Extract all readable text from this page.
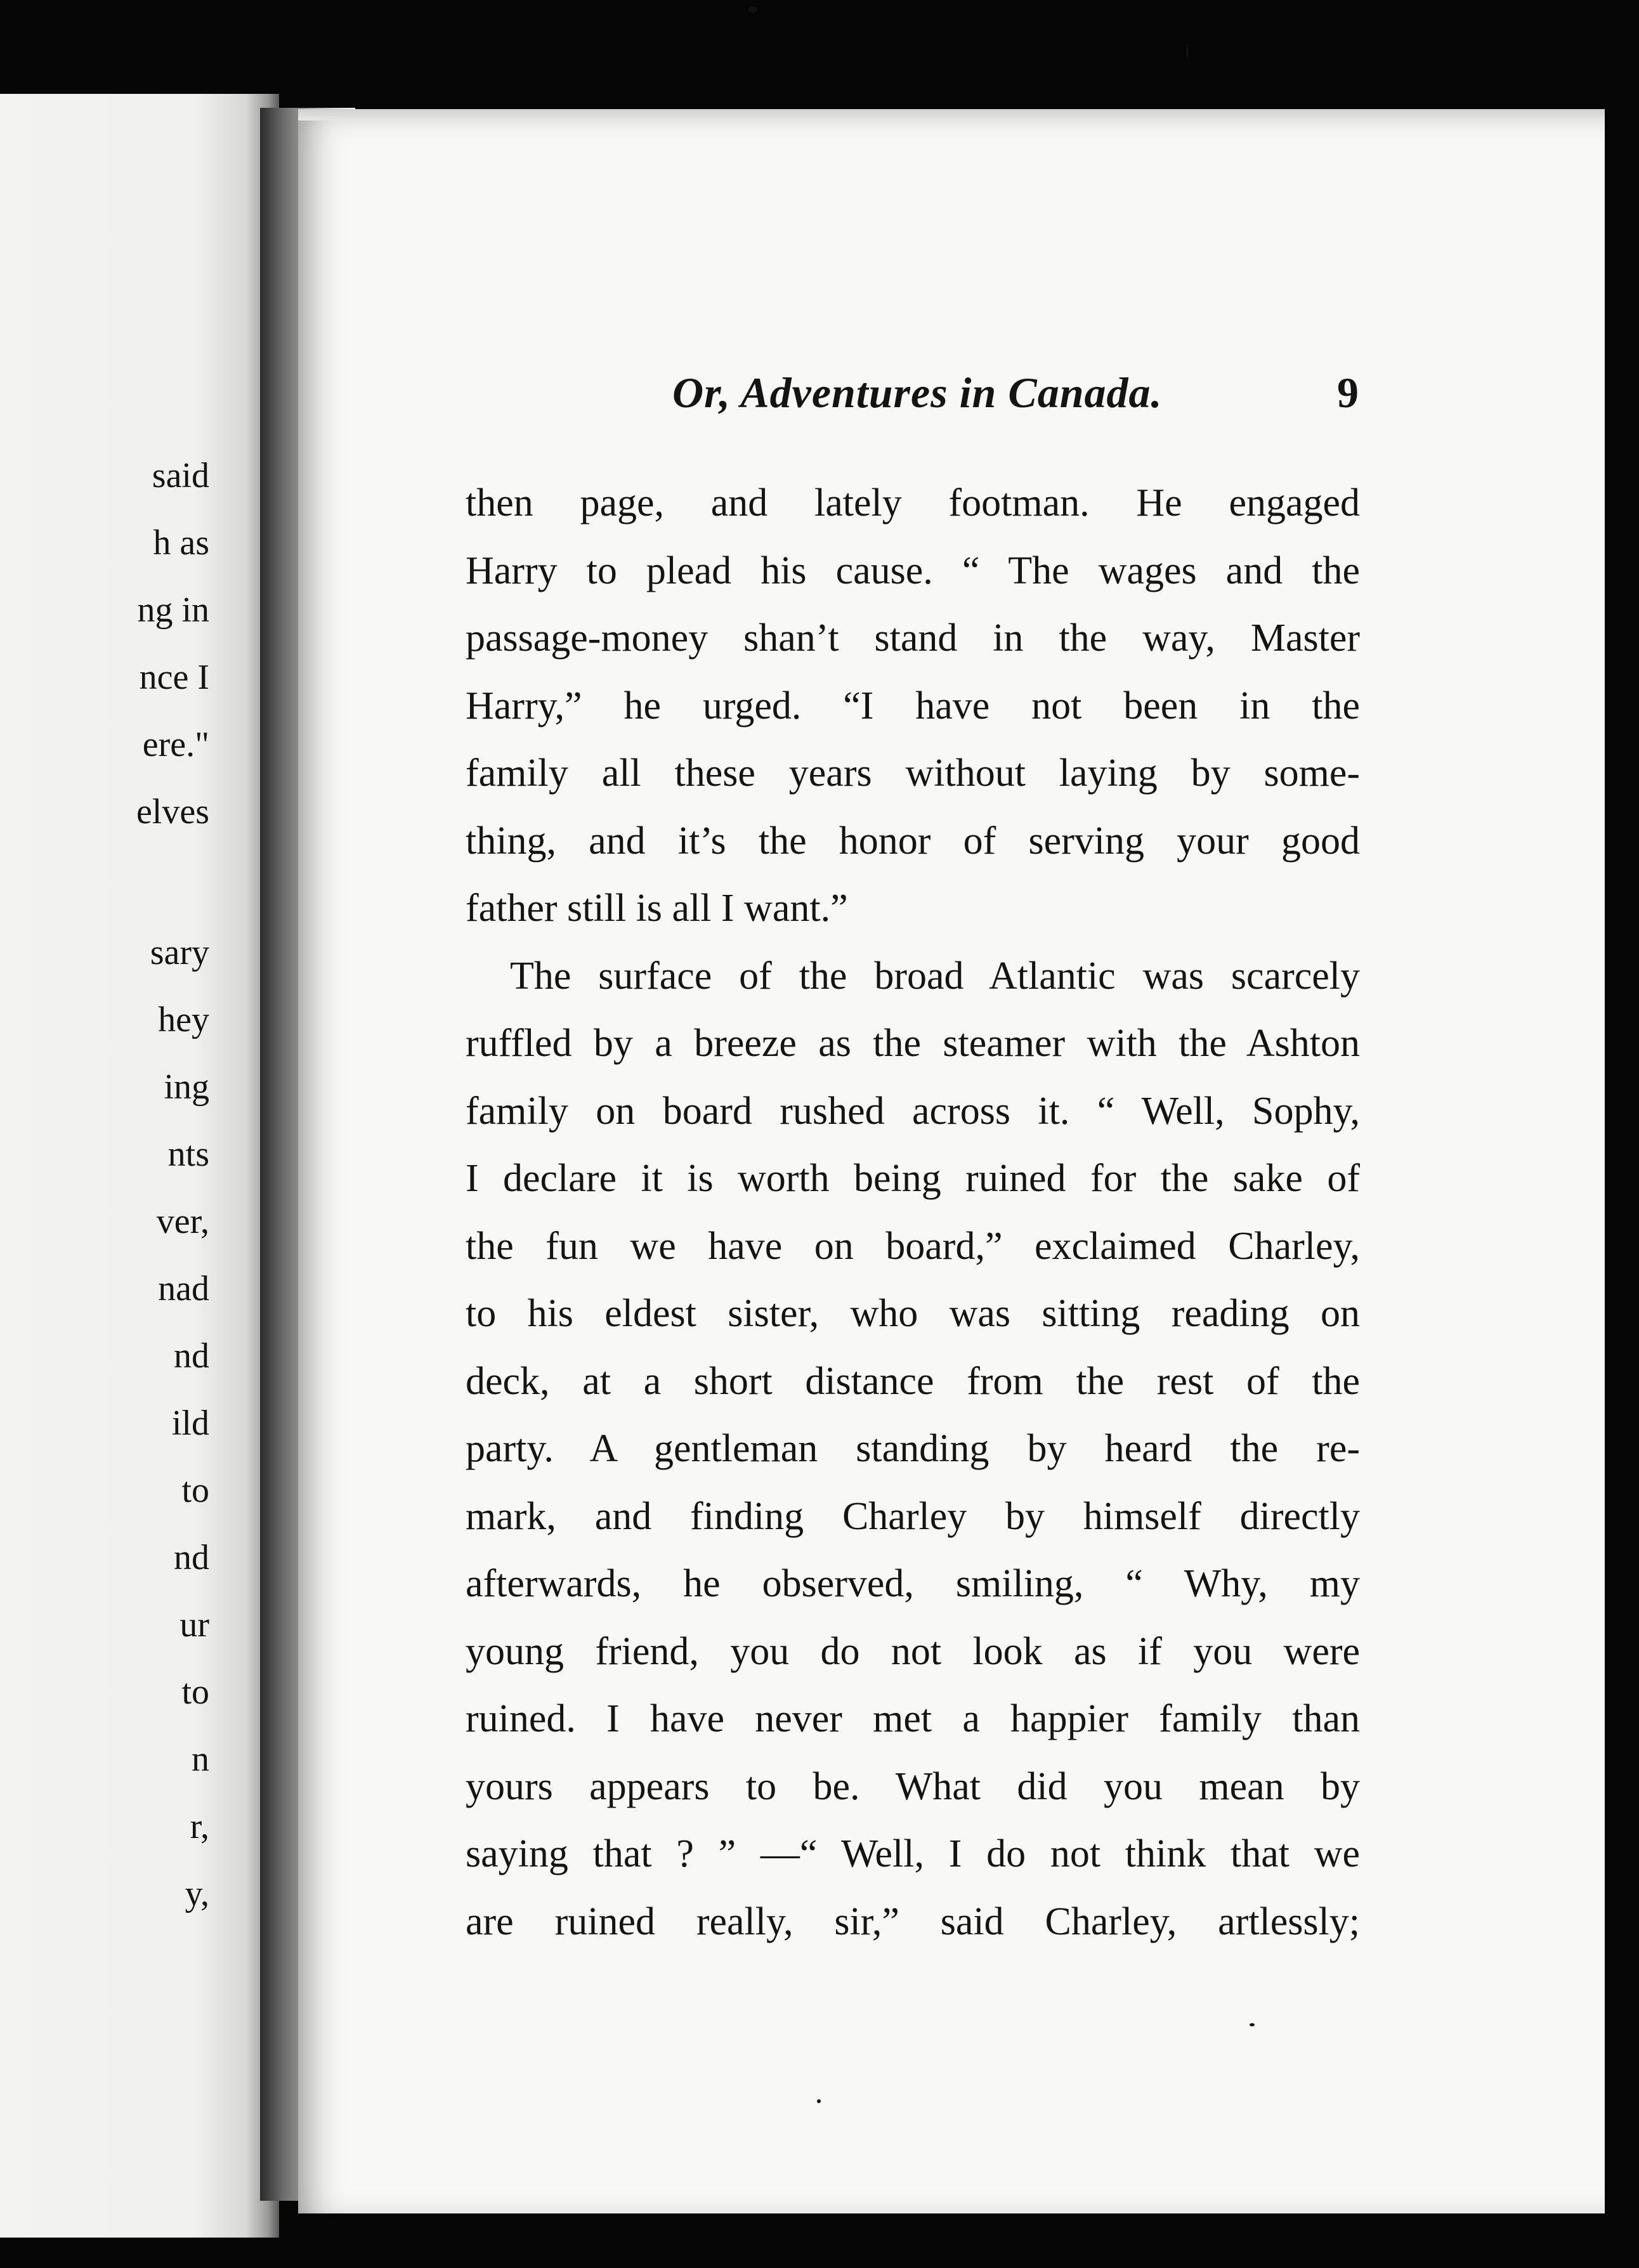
said
h as
ng in
nce I
ere."
elves
sary
hey
ing
nts
ver,
nad
nd
ild
to
nd
ur
to
n
r,
y,
Or, Adventures in Canada.	9
then page, and lately footman. He engaged
Harry to plead his cause. “ The wages and the
passage-money shan’t stand in the way, Master
Harry,” he urged. “I have not been in the
family all these years without laying by some-
thing, and it’s the honor of serving your good
father still is all I want.”
The surface of the broad Atlantic was scarcely
ruffled by a breeze as the steamer with the Ashton
family on board rushed across it. “ Well, Sophy,
I declare it is worth being ruined for the sake of
the fun we have on board,” exclaimed Charley,
to his eldest sister, who was sitting reading on
deck, at a short distance from the rest of the
party. A gentleman standing by heard the re-
mark, and finding Charley by himself directly
afterwards, he observed, smiling, “ Why, my
young friend, you do not look as if you were
ruined. I have never met a happier family than
yours appears to be. What did you mean by
saying that ? ” —“ Well, I do not think that we
are ruined really, sir,” said Charley, artlessly;
